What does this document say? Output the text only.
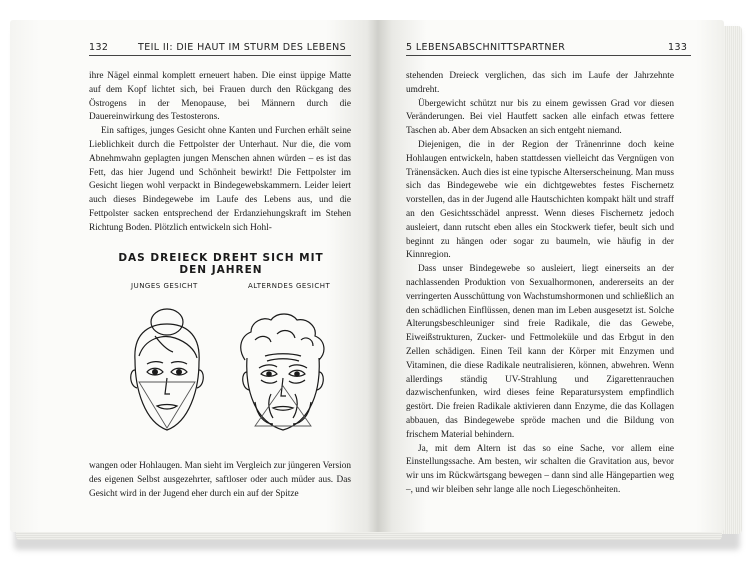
132	TEIL II: DIE HAUT IM STURM DES LEBENS

ihre Nägel einmal komplett erneuert haben. Die einst üppige Matte auf dem Kopf lichtet sich, bei Frauen durch den Rückgang des Östrogens in der Menopause, bei Männern durch die Dauereinwirkung des Testosterons.

Ein saftiges, junges Gesicht ohne Kanten und Furchen erhält seine Lieblichkeit durch die Fettpolster der Unterhaut. Nur die, die vom Abnehmwahn geplagten jungen Menschen ahnen würden – es ist das Fett, das hier Jugend und Schönheit bewirkt! Die Fettpolster im Gesicht liegen wohl verpackt in Bindegewebskammern. Leider leiert auch dieses Bindegewebe im Laufe des Lebens aus, und die Fettpolster sacken entsprechend der Erdanziehungskraft im Stehen Richtung Boden. Plötzlich entwickeln sich Hohl-

DAS DREIECK DREHT SICH MIT DEN JAHREN
JUNGES GESICHT	ALTERNDES GESICHT

wangen oder Hohlaugen. Man sieht im Vergleich zur jüngeren Version des eigenen Selbst ausgezehrter, saftloser oder auch müder aus. Das Gesicht wird in der Jugend eher durch ein auf der Spitze

5 LEBENSABSCHNITTSPARTNER	133

stehenden Dreieck verglichen, das sich im Laufe der Jahrzehnte umdreht.

Übergewicht schützt nur bis zu einem gewissen Grad vor diesen Veränderungen. Bei viel Hautfett sacken alle einfach etwas fettere Taschen ab. Aber dem Absacken an sich entgeht niemand.

Diejenigen, die in der Region der Tränenrinne doch keine Hohlaugen entwickeln, haben stattdessen vielleicht das Vergnügen von Tränensäcken. Auch dies ist eine typische Alterserscheinung. Man muss sich das Bindegewebe wie ein dichtgewebtes festes Fischernetz vorstellen, das in der Jugend alle Hautschichten kompakt hält und straff an den Gesichtsschädel anpresst. Wenn dieses Fischernetz jedoch ausleiert, dann rutscht eben alles ein Stockwerk tiefer, beult sich und beginnt zu hängen oder sogar zu baumeln, wie häufig in der Kinnregion.

Dass unser Bindegewebe so ausleiert, liegt einerseits an der nachlassenden Produktion von Sexualhormonen, andererseits an der verringerten Ausschüttung von Wachstumshormonen und schließlich an den schädlichen Einflüssen, denen man im Leben ausgesetzt ist. Solche Alterungsbeschleuniger sind freie Radikale, die das Gewebe, Eiweißstrukturen, Zucker- und Fettmoleküle und das Erbgut in den Zellen schädigen. Einen Teil kann der Körper mit Enzymen und Vitaminen, die diese Radikale neutralisieren, können, abwehren. Wenn allerdings ständig UV-Strahlung und Zigarettenrauchen dazwischenfunken, wird dieses feine Reparatursystem empfindlich gestört. Die freien Radikale aktivieren dann Enzyme, die das Kollagen abbauen, das Bindegewebe spröde machen und die Bildung von frischem Material behindern.

Ja, mit dem Altern ist das so eine Sache, vor allem eine Einstellungssache. Am besten, wir schalten die Gravitation aus, bevor wir uns im Rückwärtsgang bewegen – dann sind alle Hängepartien weg –, und wir bleiben sehr lange alle noch Liegeschönheiten.
